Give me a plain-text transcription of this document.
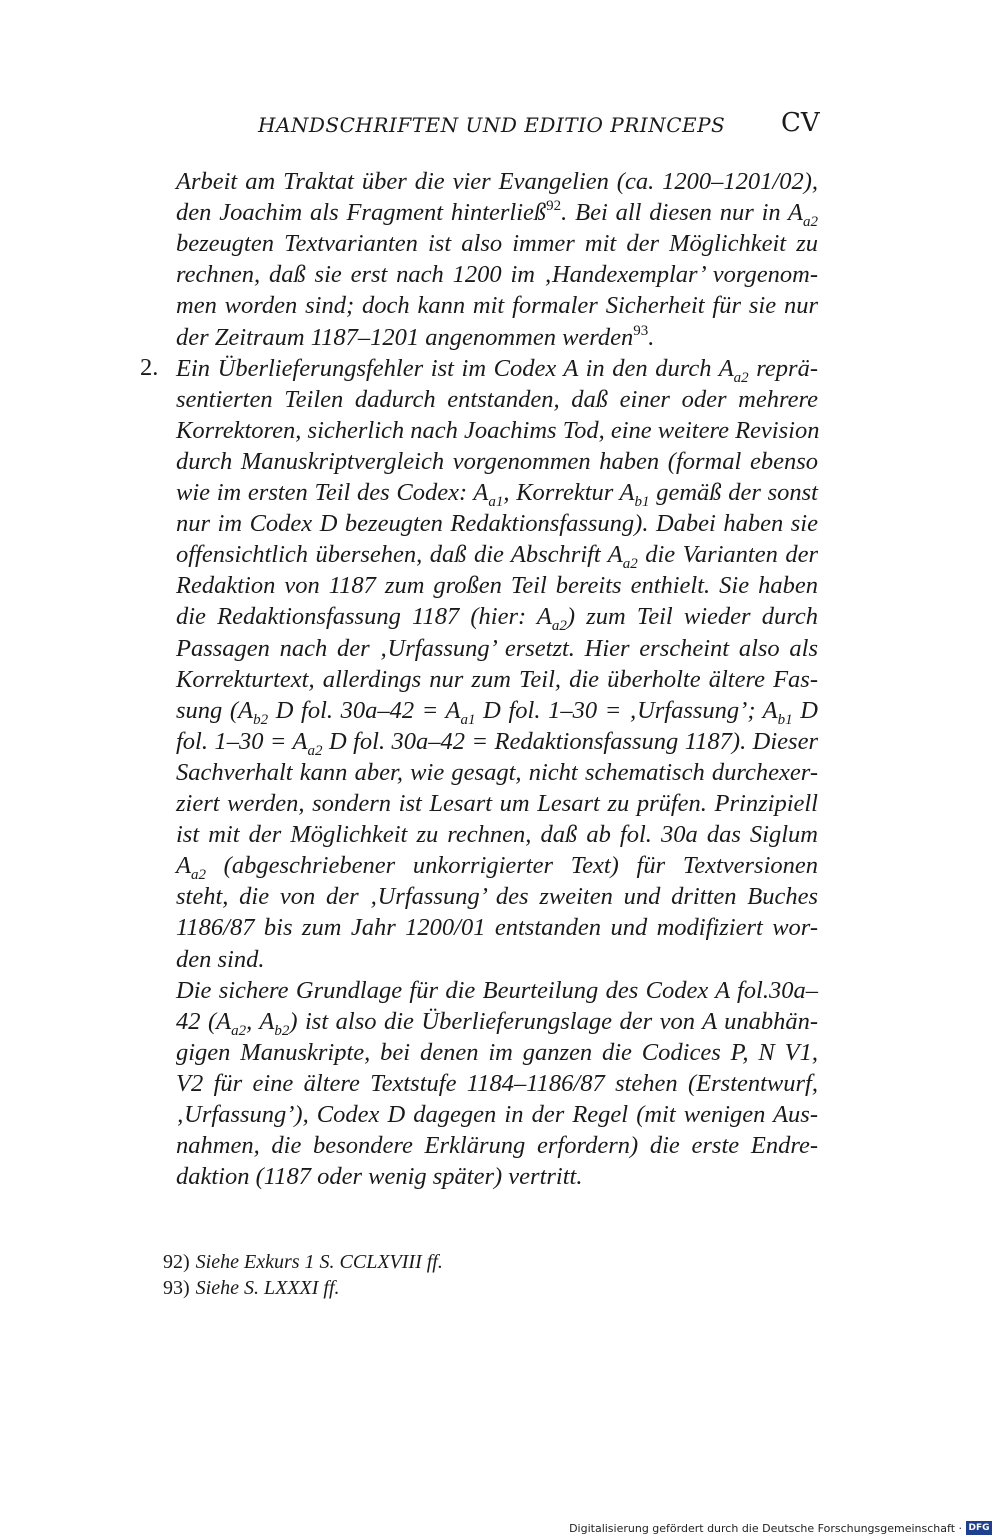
HANDSCHRIFTEN UND EDITIO PRINCEPS CV
2.
Arbeit am Traktat über die vier Evangelien (ca. 1200–1201/02),
den Joachim als Fragment hinterließ$^{92}$. Bei all diesen nur in $A_{a2}$
bezeugten Textvarianten ist also immer mit der Möglichkeit zu
rechnen, daß sie erst nach 1200 im ‚Handexemplar’ vorgenom-
men worden sind; doch kann mit formaler Sicherheit für sie nur
der Zeitraum 1187–1201 angenommen werden$^{93}$.
Ein Überlieferungsfehler ist im Codex A in den durch $A_{a2}$ reprä-
sentierten Teilen dadurch entstanden, daß einer oder mehrere
Korrektoren, sicherlich nach Joachims Tod, eine weitere Revision
durch Manuskriptvergleich vorgenommen haben (formal ebenso
wie im ersten Teil des Codex: $A_{a1}$, Korrektur $A_{b1}$ gemäß der sonst
nur im Codex D bezeugten Redaktionsfassung). Dabei haben sie
offensichtlich übersehen, daß die Abschrift $A_{a2}$ die Varianten der
Redaktion von 1187 zum großen Teil bereits enthielt. Sie haben
die Redaktionsfassung 1187 (hier: $A_{a2}$) zum Teil wieder durch
Passagen nach der ‚Urfassung’ ersetzt. Hier erscheint also als
Korrekturtext, allerdings nur zum Teil, die überholte ältere Fas-
sung ($A_{b2}$ D fol. $30a-42 = A_{a1}$ D fol. 1–30 = ‚Urfassung’; $A_{b1}$ D
fol. $1-30 = A_{a2}$ D fol. 30a–42 = Redaktionsfassung 1187). Dieser
Sachverhalt kann aber, wie gesagt, nicht schematisch durchexer-
ziert werden, sondern ist Lesart um Lesart zu prüfen. Prinzipiell
ist mit der Möglichkeit zu rechnen, daß ab fol. 30a das Siglum
$A_{a2}$ (abgeschriebener unkorrigierter Text) für Textversionen
steht, die von der ‚Urfassung’ des zweiten und dritten Buches
1186/87 bis zum Jahr 1200/01 entstanden und modifiziert wor-
den sind.
Die sichere Grundlage für die Beurteilung des Codex A fol.30a–
42 ($A_{a2}$, $A_{b2}$) ist also die Überlieferungslage der von A unabhän-
gigen Manuskripte, bei denen im ganzen die Codices P, N V1,
V2 für eine ältere Textstufe 1184–1186/87 stehen (Erstentwurf,
‚Urfassung’), Codex D dagegen in der Regel (mit wenigen Aus-
nahmen, die besondere Erklärung erfordern) die erste Endre-
daktion (1187 oder wenig später) vertritt.
92) Siehe Exkurs 1 S. CCLXVIII ff.
93) Siehe S. LXXXI ff.
Digitalisierung gefördert durch die Deutsche Forschungsgemeinschaft · DFG
